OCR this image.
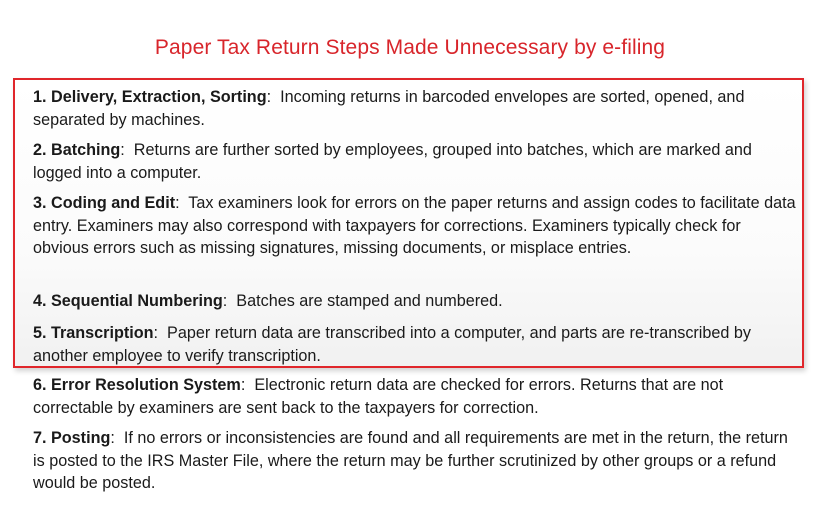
Paper Tax Return Steps Made Unnecessary by e-filing

1. Delivery, Extraction, Sorting:  Incoming returns in barcoded envelopes are sorted, opened, and separated by machines.

2. Batching:  Returns are further sorted by employees, grouped into batches, which are marked and logged into a computer.

3. Coding and Edit:  Tax examiners look for errors on the paper returns and assign codes to facilitate data entry. Examiners may also correspond with taxpayers for corrections. Examiners typically check for obvious errors such as missing signatures, missing documents, or misplace entries.

4. Sequential Numbering:  Batches are stamped and numbered.

5. Transcription:  Paper return data are transcribed into a computer, and parts are re-transcribed by another employee to verify transcription.

6. Error Resolution System:  Electronic return data are checked for errors. Returns that are not correctable by examiners are sent back to the taxpayers for correction.

7. Posting:  If no errors or inconsistencies are found and all requirements are met in the return, the return is posted to the IRS Master File, where the return may be further scrutinized by other groups or a refund would be posted.
